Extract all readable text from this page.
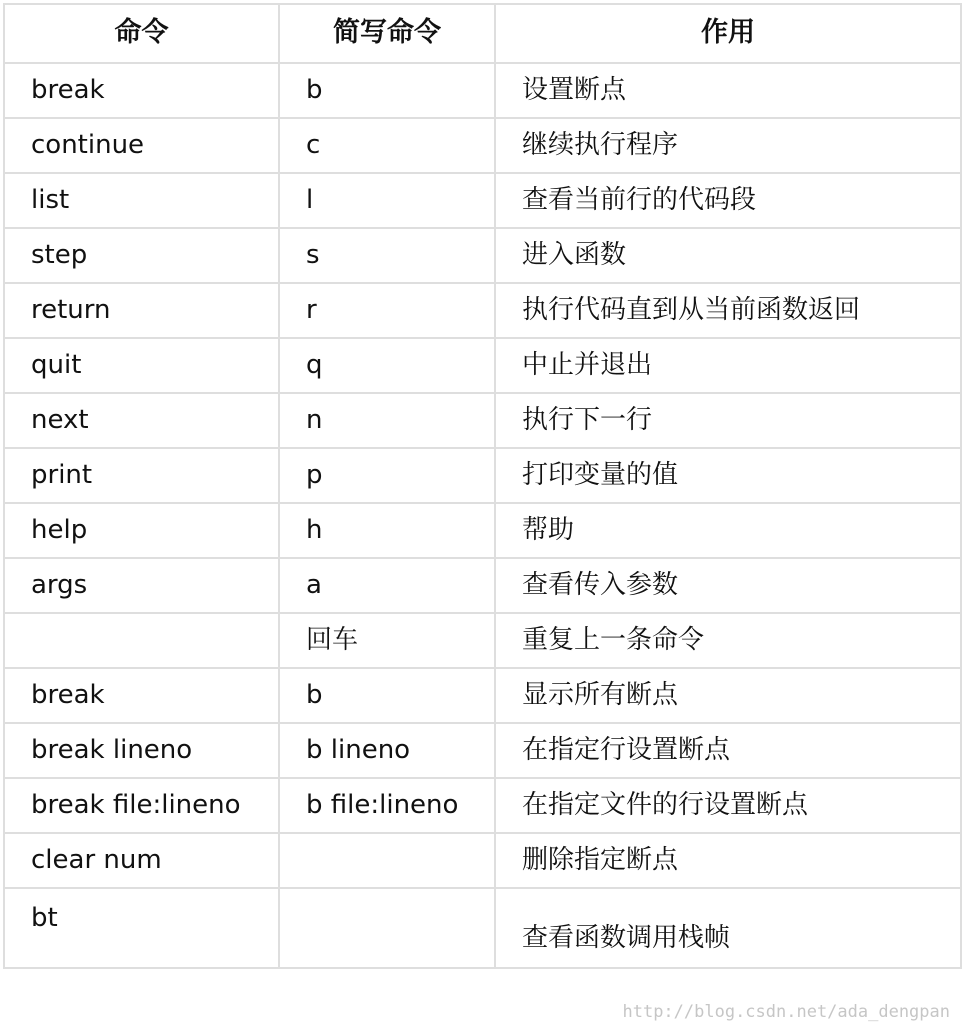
命令	简写命令	作用
break	b	设置断点
continue	c	继续执行程序
list	l	查看当前行的代码段
step	s	进入函数
return	r	执行代码直到从当前函数返回
quit	q	中止并退出
next	n	执行下一行
print	p	打印变量的值
help	h	帮助
args	a	查看传入参数
	回车	重复上一条命令
break	b	显示所有断点
break lineno	b lineno	在指定行设置断点
break file:lineno	b file:lineno	在指定文件的行设置断点
clear num		删除指定断点
bt		查看函数调用栈帧
http://blog.csdn.net/ada_dengpan
